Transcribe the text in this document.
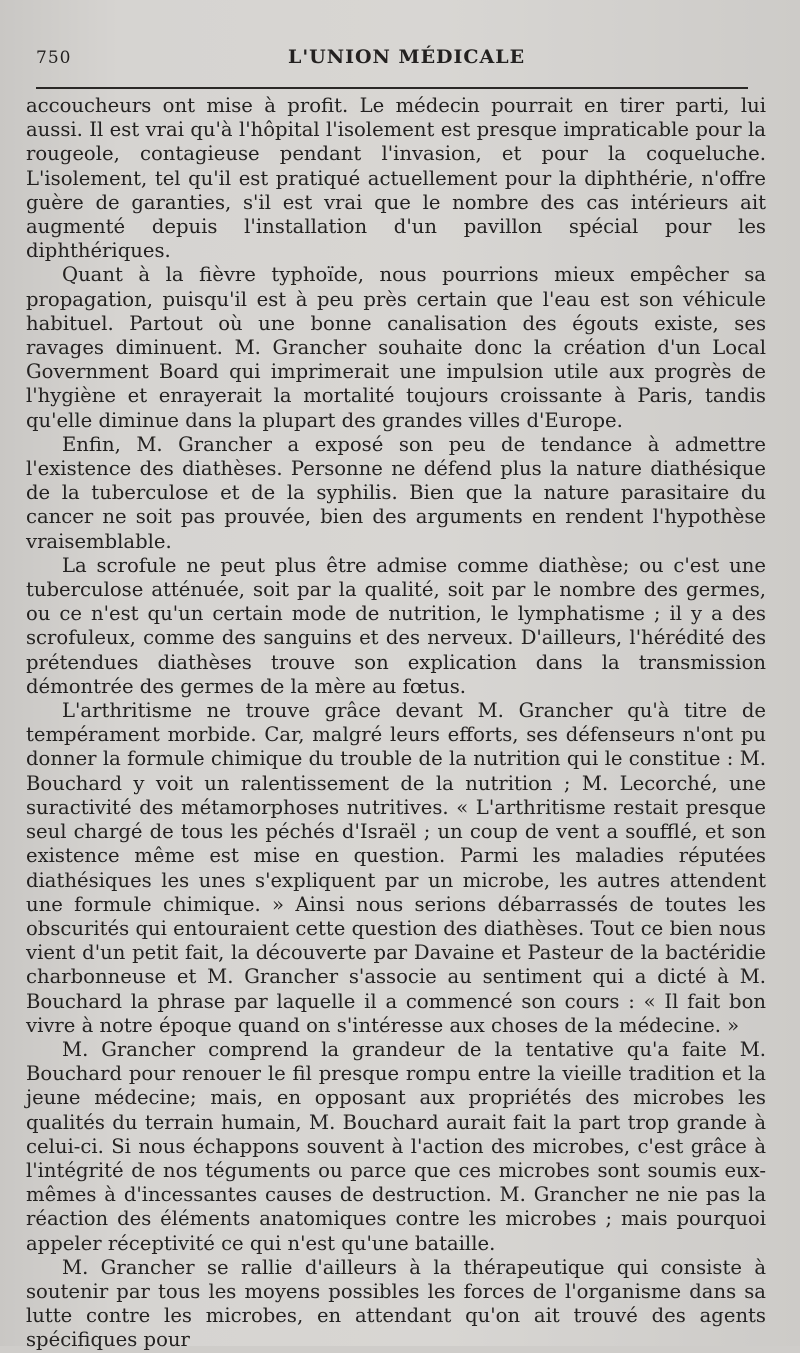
750	L'UNION MÉDICALE

accoucheurs ont mise à profit. Le médecin pourrait en tirer parti, lui aussi. Il est vrai qu'à l'hôpital l'isolement est presque impraticable pour la rougeole, contagieuse pendant l'invasion, et pour la coqueluche. L'isolement, tel qu'il est pratiqué actuellement pour la diphthérie, n'offre guère de garanties, s'il est vrai que le nombre des cas intérieurs ait augmenté depuis l'installation d'un pavillon spécial pour les diphthériques.

Quant à la fièvre typhoïde, nous pourrions mieux empêcher sa propagation, puisqu'il est à peu près certain que l'eau est son véhicule habituel. Partout où une bonne canalisation des égouts existe, ses ravages diminuent. M. Grancher souhaite donc la création d'un Local Government Board qui imprimerait une impulsion utile aux progrès de l'hygiène et enrayerait la mortalité toujours croissante à Paris, tandis qu'elle diminue dans la plupart des grandes villes d'Europe.

Enfin, M. Grancher a exposé son peu de tendance à admettre l'existence des diathèses. Personne ne défend plus la nature diathésique de la tuberculose et de la syphilis. Bien que la nature parasitaire du cancer ne soit pas prouvée, bien des arguments en rendent l'hypothèse vraisemblable.

La scrofule ne peut plus être admise comme diathèse; ou c'est une tuberculose atténuée, soit par la qualité, soit par le nombre des germes, ou ce n'est qu'un certain mode de nutrition, le lymphatisme ; il y a des scrofuleux, comme des sanguins et des nerveux. D'ailleurs, l'hérédité des prétendues diathèses trouve son explication dans la transmission démontrée des germes de la mère au fœtus.

L'arthritisme ne trouve grâce devant M. Grancher qu'à titre de tempérament morbide. Car, malgré leurs efforts, ses défenseurs n'ont pu donner la formule chimique du trouble de la nutrition qui le constitue : M. Bouchard y voit un ralentissement de la nutrition ; M. Lecorché, une suractivité des métamorphoses nutritives. « L'arthritisme restait presque seul chargé de tous les péchés d'Israël ; un coup de vent a soufflé, et son existence même est mise en question. Parmi les maladies réputées diathésiques les unes s'expliquent par un microbe, les autres attendent une formule chimique. » Ainsi nous serions débarrassés de toutes les obscurités qui entouraient cette question des diathèses. Tout ce bien nous vient d'un petit fait, la découverte par Davaine et Pasteur de la bactéridie charbonneuse et M. Grancher s'associe au sentiment qui a dicté à M. Bouchard la phrase par laquelle il a commencé son cours : « Il fait bon vivre à notre époque quand on s'intéresse aux choses de la médecine. »

M. Grancher comprend la grandeur de la tentative qu'a faite M. Bouchard pour renouer le fil presque rompu entre la vieille tradition et la jeune médecine; mais, en opposant aux propriétés des microbes les qualités du terrain humain, M. Bouchard aurait fait la part trop grande à celui-ci. Si nous échappons souvent à l'action des microbes, c'est grâce à l'intégrité de nos téguments ou parce que ces microbes sont soumis eux-mêmes à d'incessantes causes de destruction. M. Grancher ne nie pas la réaction des éléments anatomiques contre les microbes ; mais pourquoi appeler réceptivité ce qui n'est qu'une bataille.

M. Grancher se rallie d'ailleurs à la thérapeutique qui consiste à soutenir par tous les moyens possibles les forces de l'organisme dans sa lutte contre les microbes, en attendant qu'on ait trouvé des agents spécifiques pour
